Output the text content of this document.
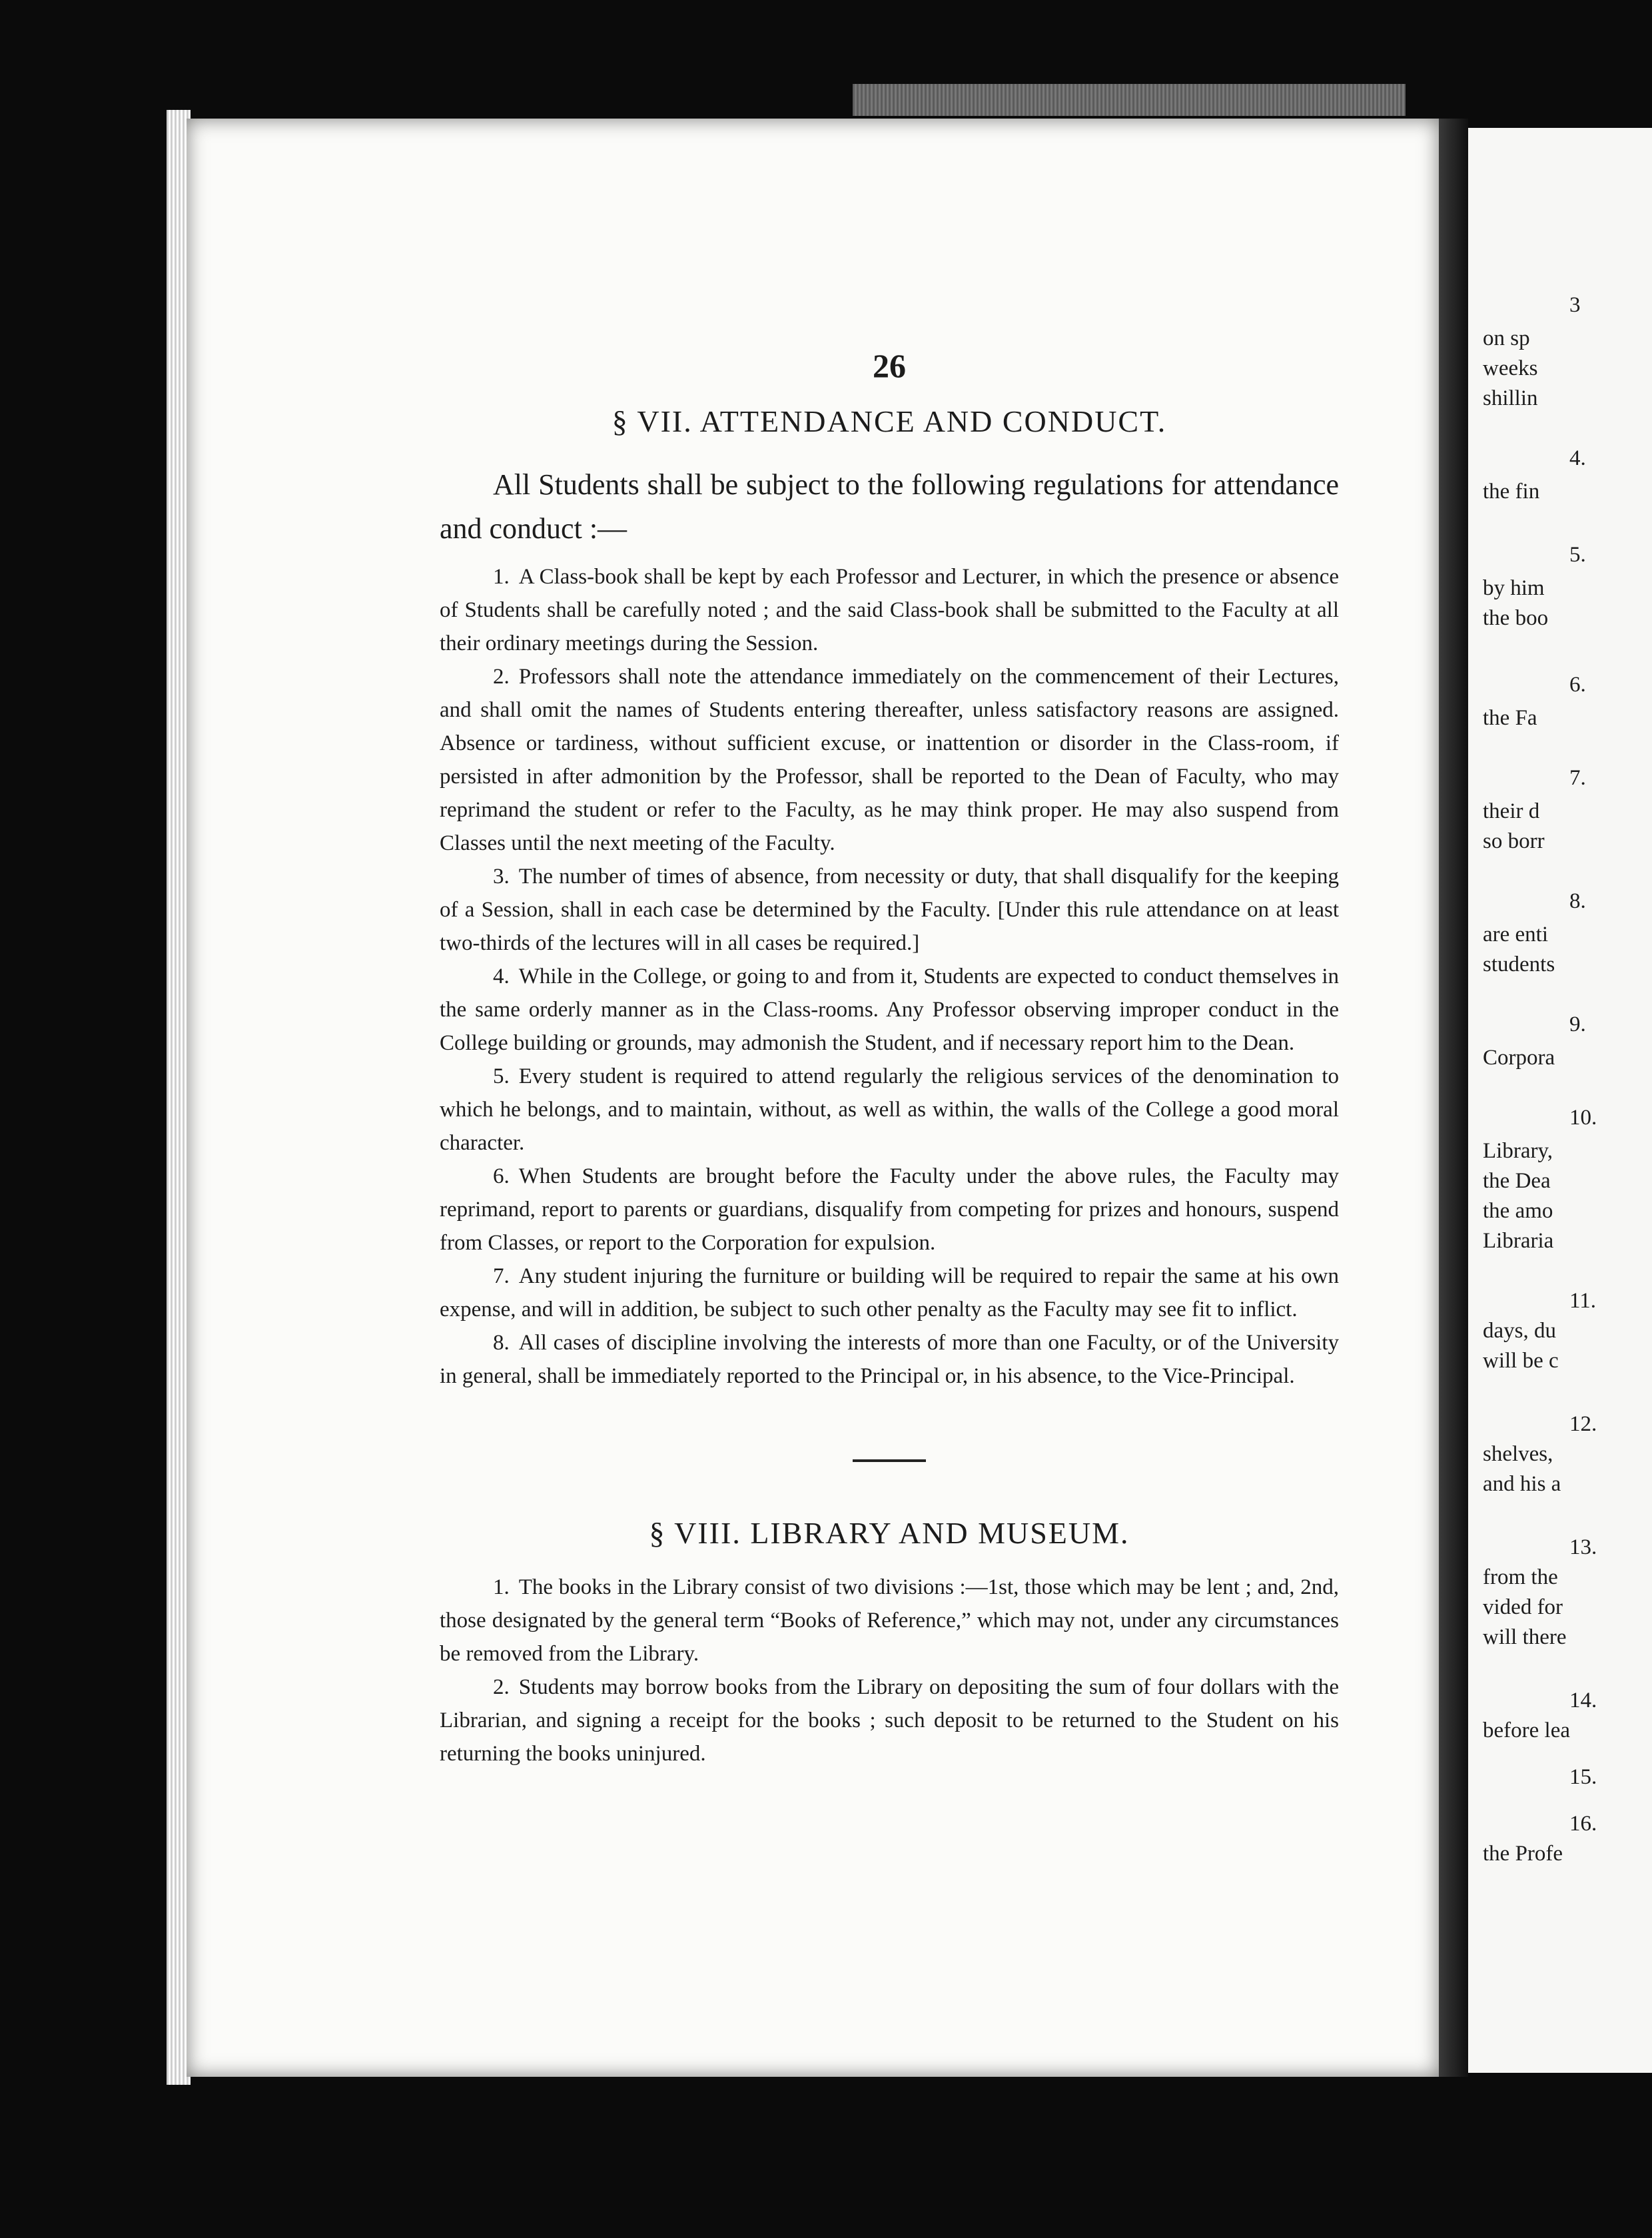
3
on sp
weeks
shillin
4.
the fin
5.
by him
the boo
6.
the Fa
7.
their d
so borr
8.
are enti
students
9.
Corpora
10.
Library,
the Dea
the amo
Libraria
11.
days, du
will be c
12.
shelves,
and his a
13.
from the
vided for
will there
14.
before lea
15.
16.
the Profe
26
§ VII. ATTENDANCE AND CONDUCT.

All Students shall be subject to the following regulations for attendance and conduct :—

1. A Class-book shall be kept by each Professor and Lecturer, in which the presence or absence of Students shall be carefully noted ; and the said Class-book shall be submitted to the Faculty at all their ordinary meetings during the Session.

2. Professors shall note the attendance immediately on the commencement of their Lectures, and shall omit the names of Students entering thereafter, unless satisfactory reasons are assigned. Absence or tardiness, without sufficient excuse, or inattention or disorder in the Class-room, if persisted in after admonition by the Professor, shall be reported to the Dean of Faculty, who may reprimand the student or refer to the Faculty, as he may think proper. He may also suspend from Classes until the next meeting of the Faculty.

3. The number of times of absence, from necessity or duty, that shall disqualify for the keeping of a Session, shall in each case be determined by the Faculty. [Under this rule attendance on at least two-thirds of the lectures will in all cases be required.]

4. While in the College, or going to and from it, Students are expected to conduct themselves in the same orderly manner as in the Class-rooms. Any Professor observing improper conduct in the College building or grounds, may admonish the Student, and if necessary report him to the Dean.

5. Every student is required to attend regularly the religious services of the denomination to which he belongs, and to maintain, without, as well as within, the walls of the College a good moral character.

6. When Students are brought before the Faculty under the above rules, the Faculty may reprimand, report to parents or guardians, disqualify from competing for prizes and honours, suspend from Classes, or report to the Corporation for expulsion.

7. Any student injuring the furniture or building will be required to repair the same at his own expense, and will in addition, be subject to such other penalty as the Faculty may see fit to inflict.

8. All cases of discipline involving the interests of more than one Faculty, or of the University in general, shall be immediately reported to the Principal or, in his absence, to the Vice-Principal.

§ VIII. LIBRARY AND MUSEUM.

1. The books in the Library consist of two divisions :—1st, those which may be lent ; and, 2nd, those designated by the general term “Books of Reference,” which may not, under any circumstances be removed from the Library.

2. Students may borrow books from the Library on depositing the sum of four dollars with the Librarian, and signing a receipt for the books ; such deposit to be returned to the Student on his returning the books uninjured.
